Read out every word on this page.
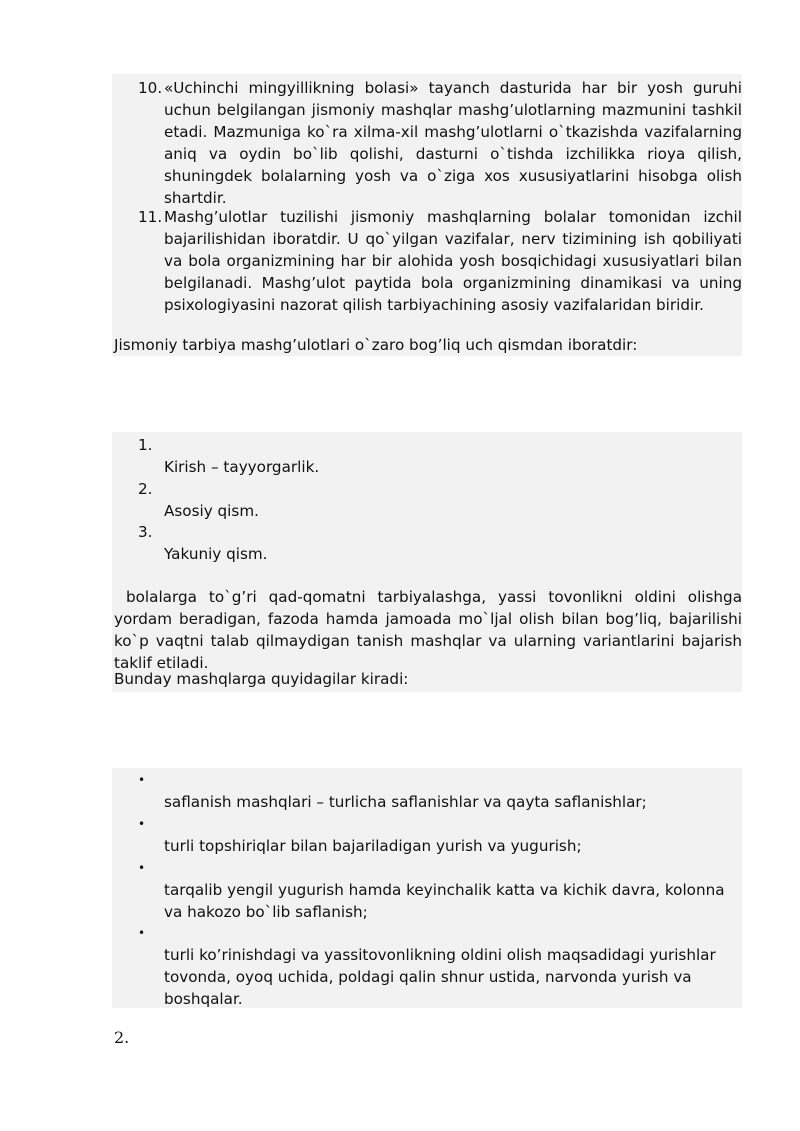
10. «Uchinchi mingyillikning bolasi» tayanch dasturida har bir yosh guruhi uchun belgilangan jismoniy mashqlar mashg’ulotlarning mazmunini tashkil etadi. Mazmuniga ko`ra xilma-xil mashg’ulotlarni o`tkazishda vazifalarning aniq va oydin bo`lib qolishi, dasturni o`tishda izchilikka rioya qilish, shuningdek bolalarning yosh va o`ziga xos xususiyatlarini hisobga olish shartdir.
11. Mashg’ulotlar tuzilishi jismoniy mashqlarning bolalar tomonidan izchil bajarilishidan iboratdir. U qo`yilgan vazifalar, nerv tizimining ish qobiliyati va bola organizmining har bir alohida yosh bosqichidagi xususiyatlari bilan belgilanadi. Mashg’ulot paytida bola organizmining dinamikasi va uning psixologiyasini nazorat qilish tarbiyachining asosiy vazifalaridan biridir.
Jismoniy tarbiya mashg’ulotlari o`zaro bog’liq uch qismdan iboratdir:
1.
Kirish – tayyorgarlik.
2.
Asosiy qism.
3.
Yakuniy qism.
bolalarga to`g’ri qad-qomatni tarbiyalashga, yassi tovonlikni oldini olishga yordam beradigan, fazoda hamda jamoada mo`ljal olish bilan bog’liq, bajarilishi ko`p vaqtni talab qilmaydigan tanish mashqlar va ularning variantlarini bajarish taklif etiladi.
Bunday mashqlarga quyidagilar kiradi:
•
saflanish mashqlari – turlicha saflanishlar va qayta saflanishlar;
•
turli topshiriqlar bilan bajariladigan yurish va yugurish;
•
tarqalib yengil yugurish hamda keyinchalik katta va kichik davra, kolonna va hakozo bo`lib saflanish;
•
turli ko’rinishdagi va yassitovonlikning oldini olish maqsadidagi yurishlar tovonda, oyoq uchida, poldagi qalin shnur ustida, narvonda yurish va boshqalar.
2.
